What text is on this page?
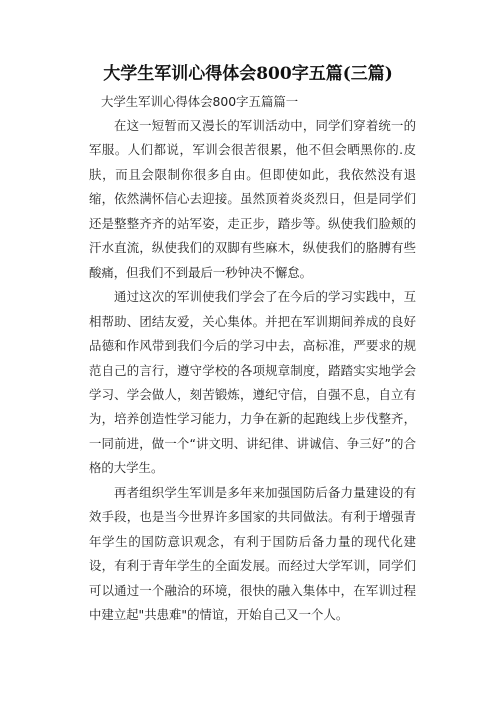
大学生军训心得体会800字五篇(三篇)

大学生军训心得体会800字五篇篇一

在这一短暂而又漫长的军训活动中，同学们穿着统一的军服。人们都说，军训会很苦很累，他不但会晒黑你的.皮肤，而且会限制你很多自由。但即使如此，我依然没有退缩，依然满怀信心去迎接。虽然顶着炎炎烈日，但是同学们还是整整齐齐的站军姿，走正步，踏步等。纵使我们脸颊的汗水直流，纵使我们的双脚有些麻木，纵使我们的胳膊有些酸痛，但我们不到最后一秒钟决不懈怠。

通过这次的军训使我们学会了在今后的学习实践中，互相帮助、团结友爱，关心集体。并把在军训期间养成的良好品德和作风带到我们今后的学习中去，高标准，严要求的规范自己的言行，遵守学校的各项规章制度，踏踏实实地学会学习、学会做人，刻苦锻炼，遵纪守信，自强不息，自立有为，培养创造性学习能力，力争在新的起跑线上步伐整齐，一同前进，做一个“讲文明、讲纪律、讲诚信、争三好”的合格的大学生。

再者组织学生军训是多年来加强国防后备力量建设的有效手段，也是当今世界许多国家的共同做法。有利于增强青年学生的国防意识观念，有利于国防后备力量的现代化建设，有利于青年学生的全面发展。而经过大学军训，同学们可以通过一个融洽的环境，很快的融入集体中，在军训过程中建立起"共患难"的情谊，开始自己又一个人。
